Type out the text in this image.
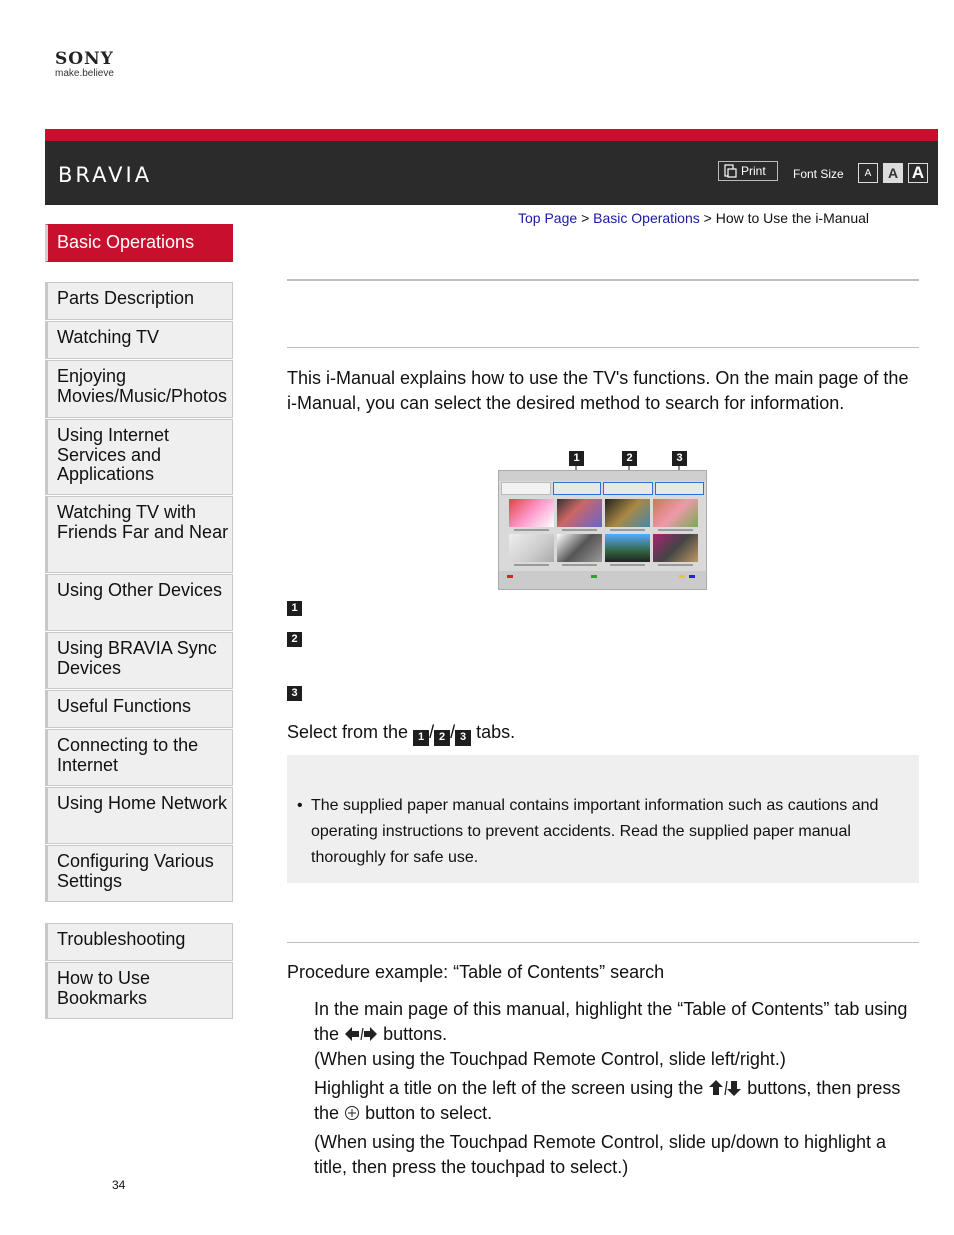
SONY
make.believe
BRAVIA	Print Font Size	A	A A
Top Page > Basic Operations > How to Use the i-Manual
Basic Operations
Parts Description
Watching TV
Enjoying Movies/Music/Photos
Using Internet Services and Applications
Watching TV with Friends Far and Near
Using Other Devices
Using BRAVIA Sync Devices
Useful Functions
Connecting to the Internet
Using Home Network
Configuring Various Settings
Troubleshooting
How to Use Bookmarks
This i-Manual explains how to use the TV's functions. On the main page of the i-Manual, you can select the desired method to search for information.
1	2	3
1
2
3
Select from the 1 / 2 / 3 tabs.
• The supplied paper manual contains important information such as cautions and operating instructions to prevent accidents. Read the supplied paper manual thoroughly for safe use.
Procedure example: “Table of Contents” search
In the main page of this manual, highlight the “Table of Contents” tab using the buttons.
(When using the Touchpad Remote Control, slide left/right.)
Highlight a title on the left of the screen using the buttons, then press the button to select.
(When using the Touchpad Remote Control, slide up/down to highlight a title, then press the touchpad to select.)
34
